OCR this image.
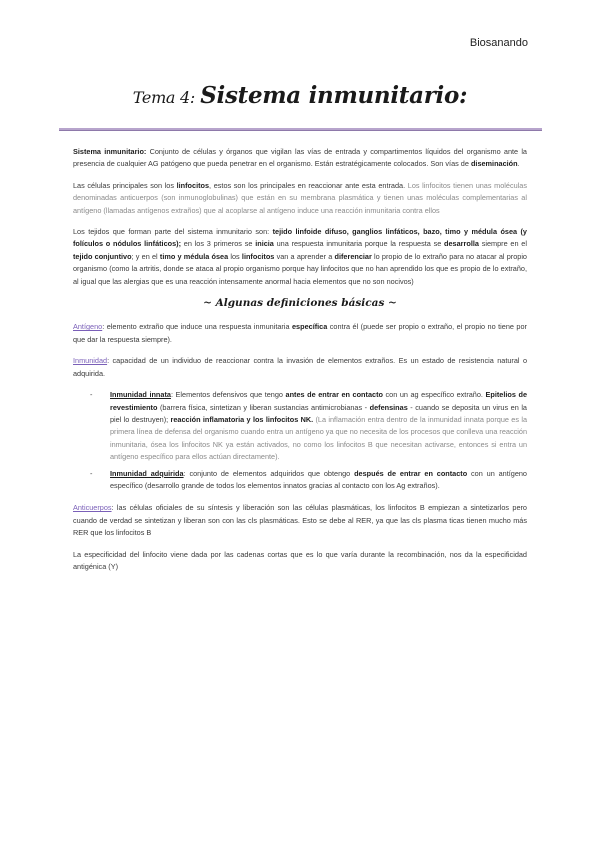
Biosanando
Tema 4: Sistema inmunitario:

Sistema inmunitario: Conjunto de células y órganos que vigilan las vías de entrada y compartimentos líquidos del organismo ante la presencia de cualquier AG patógeno que pueda penetrar en el organismo. Están estratégicamente colocados. Son vías de diseminación.

Las células principales son los linfocitos, estos son los principales en reaccionar ante esta entrada. Los linfocitos tienen unas moléculas denominadas anticuerpos (son inmunoglobulinas) que están en su membrana plasmática y tienen unas moléculas complementarias al antígeno (llamadas antígenos extraños) que al acoplarse al antígeno induce una reacción inmunitaria contra ellos

Los tejidos que forman parte del sistema inmunitario son: tejido linfoide difuso, ganglios linfáticos, bazo, timo y médula ósea (y folículos o nódulos linfáticos); en los 3 primeros se inicia una respuesta inmunitaria porque la respuesta se desarrolla siempre en el tejido conjuntivo; y en el timo y médula ósea los linfocitos van a aprender a diferenciar lo propio de lo extraño para no atacar al propio organismo (como la artritis, donde se ataca al propio organismo porque hay linfocitos que no han aprendido los que es propio de lo extraño, al igual que las alergias que es una reacción intensamente anormal hacia elementos que no son nocivos)

~ Algunas definiciones básicas ~

Antígeno: elemento extraño que induce una respuesta inmunitaria específica contra él (puede ser propio o extraño, el propio no tiene por que dar la respuesta siempre).

Inmunidad: capacidad de un individuo de reaccionar contra la invasión de elementos extraños. Es un estado de resistencia natural o adquirida.

- Inmunidad innata: Elementos defensivos que tengo antes de entrar en contacto con un ag específico extraño. Epitelios de revestimiento (barrera física, sintetizan y liberan sustancias antimicrobianas - defensinas - cuando se deposita un virus en la piel lo destruyen); reacción inflamatoria y los linfocitos NK. (La inflamación entra dentro de la inmunidad innata porque es la primera línea de defensa del organismo cuando entra un antígeno ya que no necesita de los procesos que conlleva una reacción inmunitaria, ósea los linfocitos NK ya están activados, no como los linfocitos B que necesitan activarse, entonces si entra un antígeno específico para ellos actúan directamente).
- Inmunidad adquirida: conjunto de elementos adquiridos que obtengo después de entrar en contacto con un antígeno específico (desarrollo grande de todos los elementos innatos gracias al contacto con los Ag extraños).

Anticuerpos: las células oficiales de su síntesis y liberación son las células plasmáticas, los linfocitos B empiezan a sintetizarlos pero cuando de verdad se sintetizan y liberan son con las cls plasmáticas. Esto se debe al RER, ya que las cls plasma ticas tienen mucho más RER que los linfocitos B

La especificidad del linfocito viene dada por las cadenas cortas que es lo que varía durante la recombinación, nos da la especificidad antigénica (Y)
